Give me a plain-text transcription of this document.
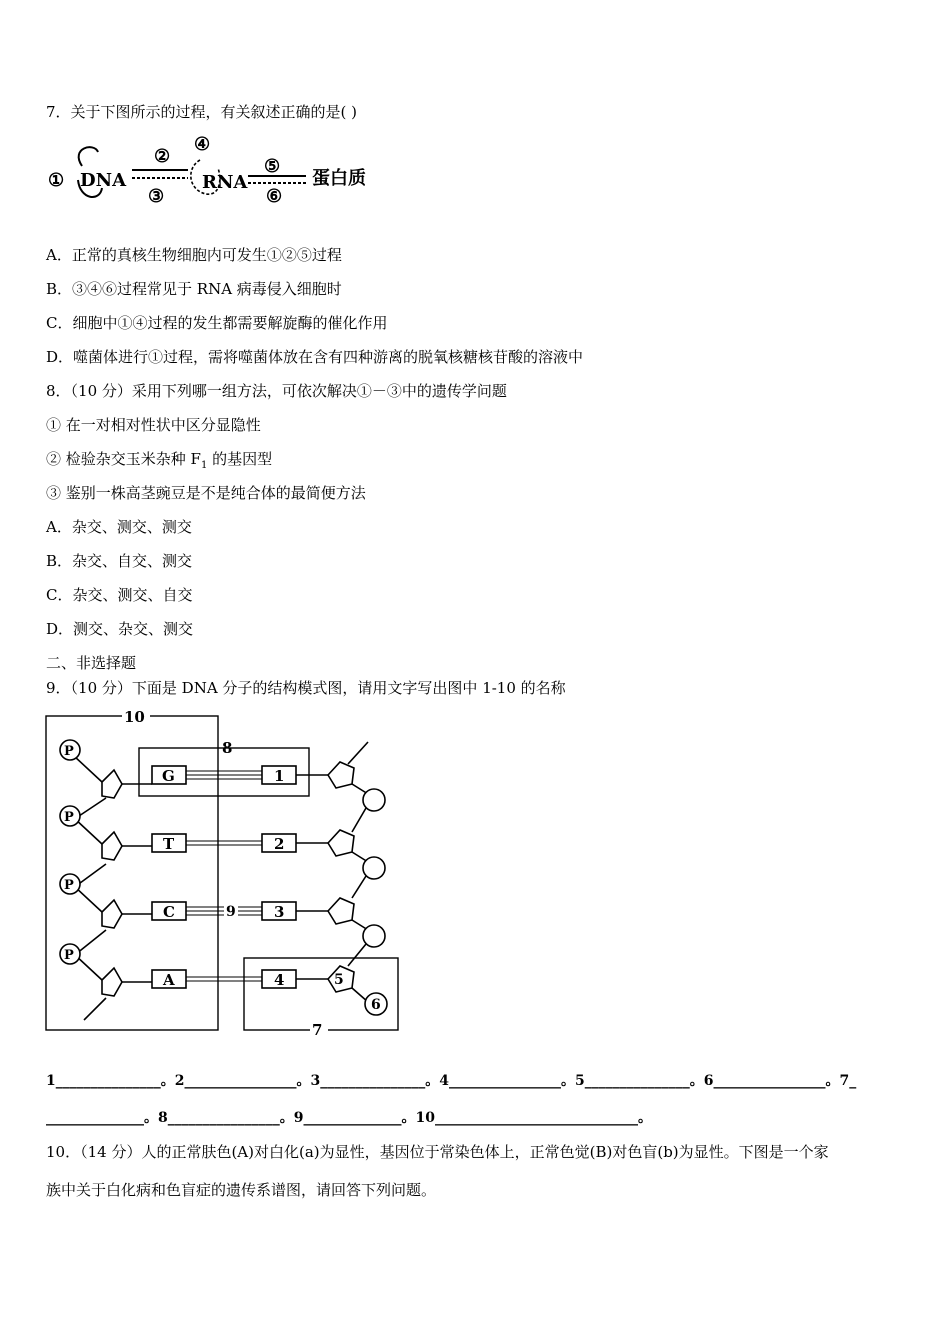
7．关于下图所示的过程，有关叙述正确的是( )
① DNA
②
③
④
RNA
⑤
⑥
蛋白质
A．正常的真核生物细胞内可发生①②⑤过程
B．③④⑥过程常见于 RNA 病毒侵入细胞时
C．细胞中①④过程的发生都需要解旋酶的催化作用
D．噬菌体进行①过程，需将噬菌体放在含有四种游离的脱氧核糖核苷酸的溶液中
8．（10 分）采用下列哪一组方法，可依次解决①－③中的遗传学问题
① 在一对相对性状中区分显隐性
② 检验杂交玉米杂种 $F_1$ 的基因型
③ 鉴别一株高茎豌豆是不是纯合体的最简便方法
A．杂交、测交、测交
B．杂交、自交、测交
C．杂交、测交、自交
D．测交、杂交、测交
二、非选择题
9．（10 分）下面是 DNA 分子的结构模式图，请用文字写出图中 1-10 的名称
10
8
7
P
P
P
P
9
G
T
C
A
1
2
3
4	5
6
1_______________。2________________。3_______________。4________________。5_______________。6________________。7_
______________。8________________。9______________。10_____________________________。
10．（14 分）人的正常肤色(A)对白化(a)为显性，基因位于常染色体上，正常色觉(B)对色盲(b)为显性。下图是一个家
族中关于白化病和色盲症的遗传系谱图，请回答下列问题。
